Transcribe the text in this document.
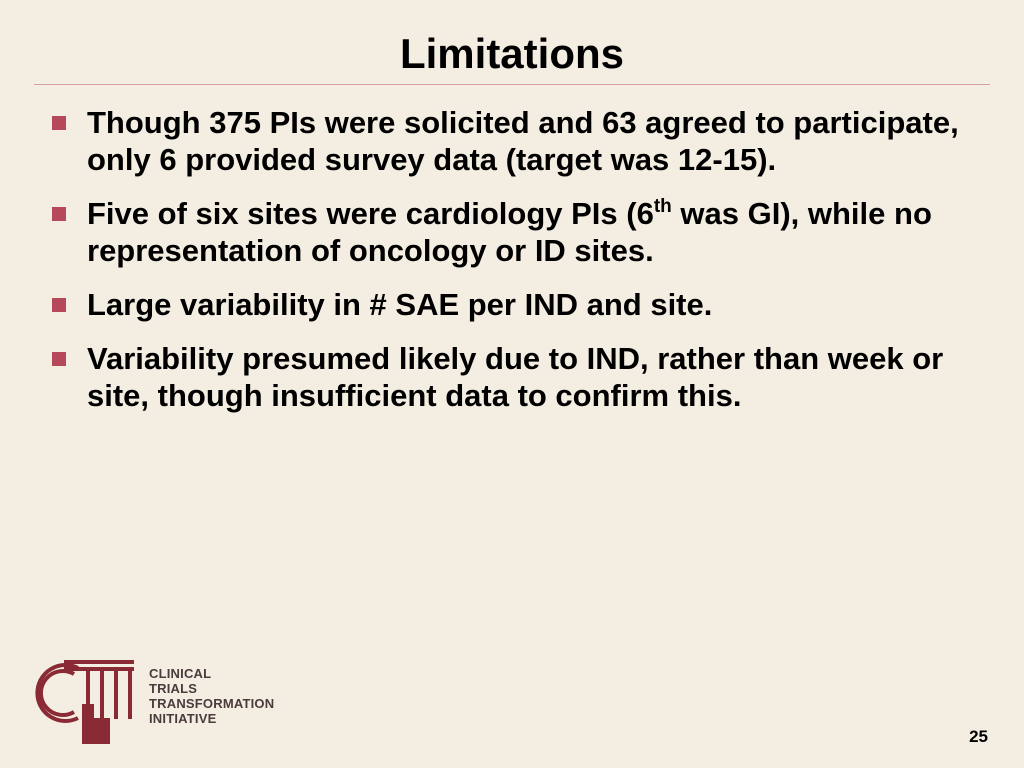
Limitations
Though 375 PIs were solicited and 63 agreed to participate, only 6 provided survey data (target was 12-15).
Five of six sites were cardiology PIs (6th was GI), while no representation of oncology or ID sites.
Large variability in # SAE per IND and site.
Variability presumed likely due to IND, rather than week or site, though insufficient data to confirm this.
CLINICAL
TRIALS
TRANSFORMATION
INITIATIVE
25
